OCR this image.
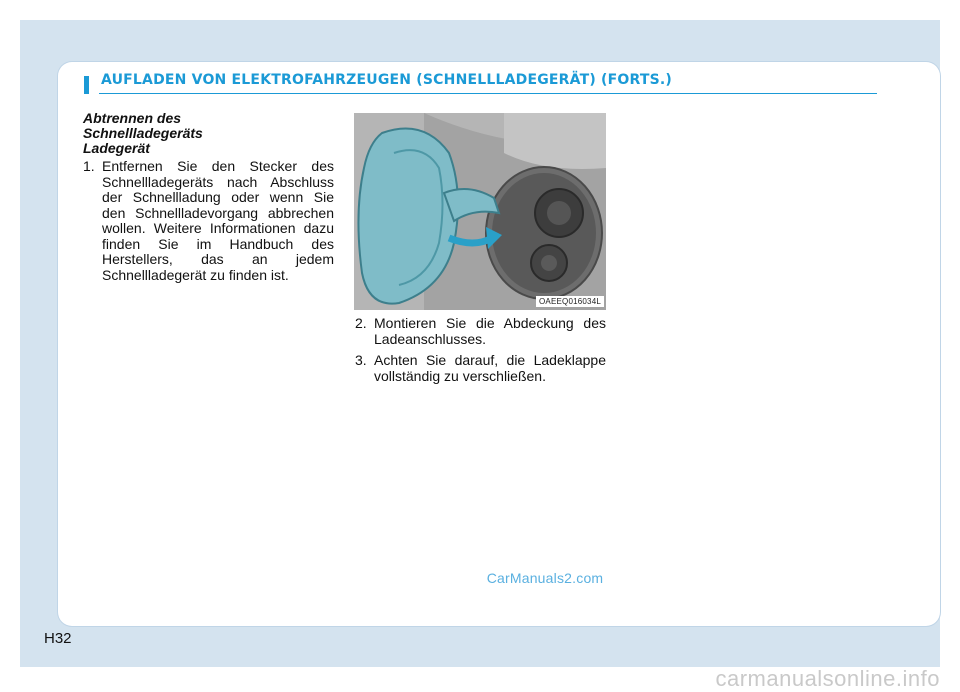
AUFLADEN VON ELEKTROFAHRZEUGEN (SCHNELLLADEGERÄT) (FORTS.)
Abtrennen des
Schnellladegeräts
Ladegerät
1. Entfernen Sie den Stecker des Schnellladegeräts nach Abschluss der Schnellladung oder wenn Sie den Schnellladevorgang abbrechen wollen. Weitere Informationen dazu finden Sie im Handbuch des Herstellers, das an jedem Schnellladegerät zu finden ist.
OAEEQ016034L
2. Montieren Sie die Abdeckung des Ladeanschlusses.
3. Achten Sie darauf, die Ladeklappe vollständig zu verschließen.
CarManuals2.com
H32
carmanualsonline.info
